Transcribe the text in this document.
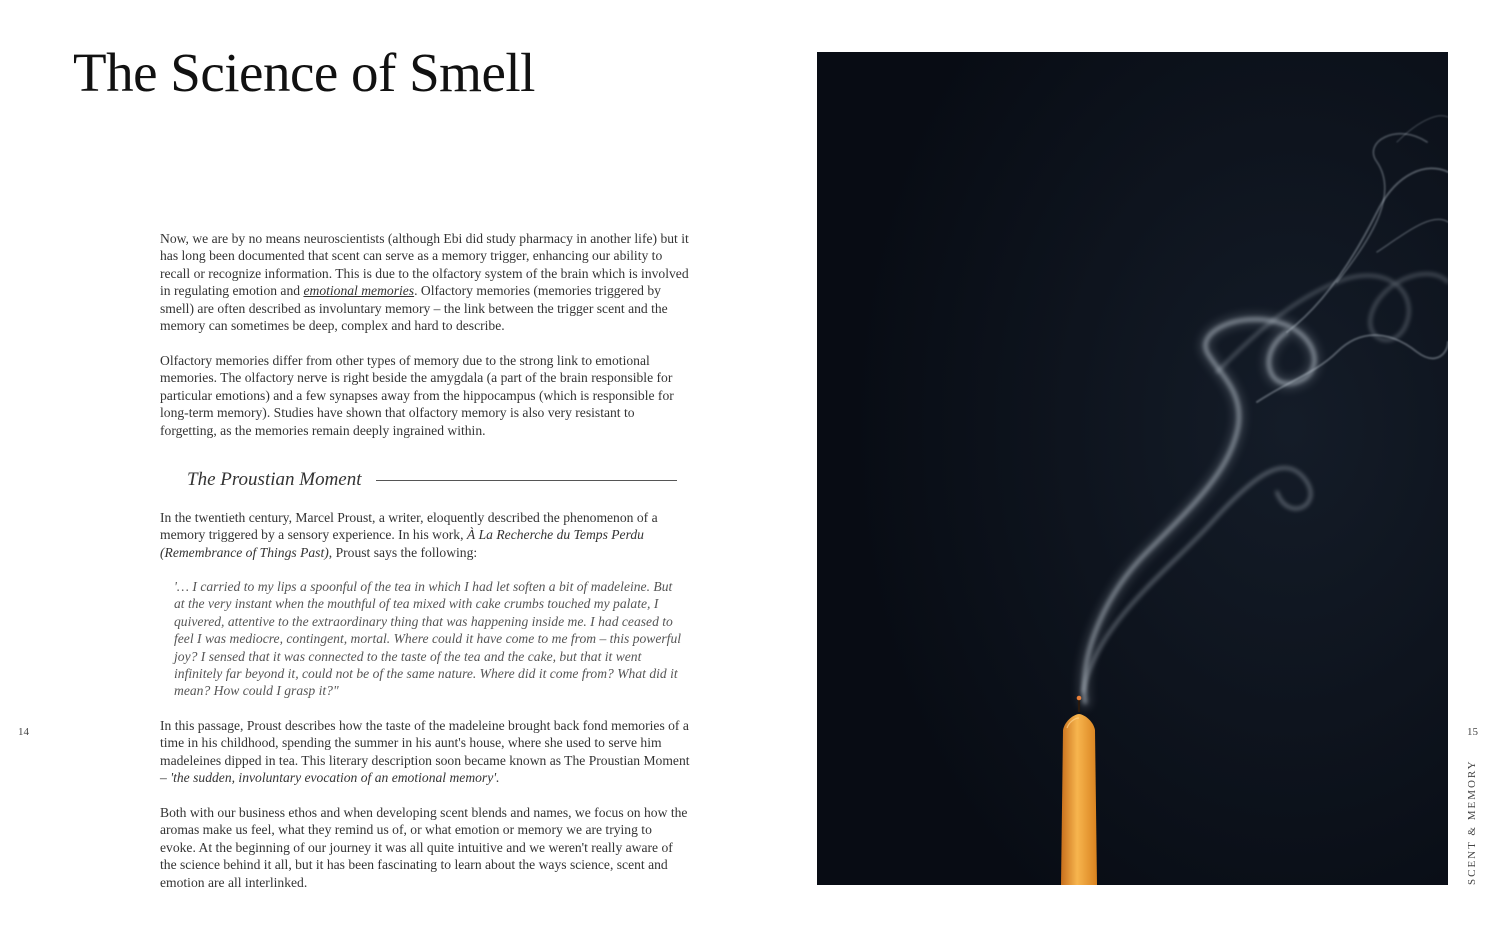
The Science of Smell

Now, we are by no means neuroscientists (although Ebi did study pharmacy in another life) but it has long been documented that scent can serve as a memory trigger, enhancing our ability to recall or recognize information. This is due to the olfactory system of the brain which is involved in regulating emotion and emotional memories. Olfactory memories (memories triggered by smell) are often described as involuntary memory – the link between the trigger scent and the memory can sometimes be deep, complex and hard to describe.

Olfactory memories differ from other types of memory due to the strong link to emotional memories. The olfactory nerve is right beside the amygdala (a part of the brain responsible for particular emotions) and a few synapses away from the hippocampus (which is responsible for long-term memory). Studies have shown that olfactory memory is also very resistant to forgetting, as the memories remain deeply ingrained within.

The Proustian Moment

In the twentieth century, Marcel Proust, a writer, eloquently described the phenomenon of a memory triggered by a sensory experience. In his work, À La Recherche du Temps Perdu (Remembrance of Things Past), Proust says the following:

'… I carried to my lips a spoonful of the tea in which I had let soften a bit of madeleine. But at the very instant when the mouthful of tea mixed with cake crumbs touched my palate, I quivered, attentive to the extraordinary thing that was happening inside me. I had ceased to feel I was mediocre, contingent, mortal. Where could it have come to me from – this powerful joy? I sensed that it was connected to the taste of the tea and the cake, but that it went infinitely far beyond it, could not be of the same nature. Where did it come from? What did it mean? How could I grasp it?"

In this passage, Proust describes how the taste of the madeleine brought back fond memories of a time in his childhood, spending the summer in his aunt's house, where she used to serve him madeleines dipped in tea. This literary description soon became known as The Proustian Moment – 'the sudden, involuntary evocation of an emotional memory'.

Both with our business ethos and when developing scent blends and names, we focus on how the aromas make us feel, what they remind us of, or what emotion or memory we are trying to evoke. At the beginning of our journey it was all quite intuitive and we weren't really aware of the science behind it all, but it has been fascinating to learn about the ways science, scent and emotion are all interlinked.

14	15
SCENT & MEMORY
